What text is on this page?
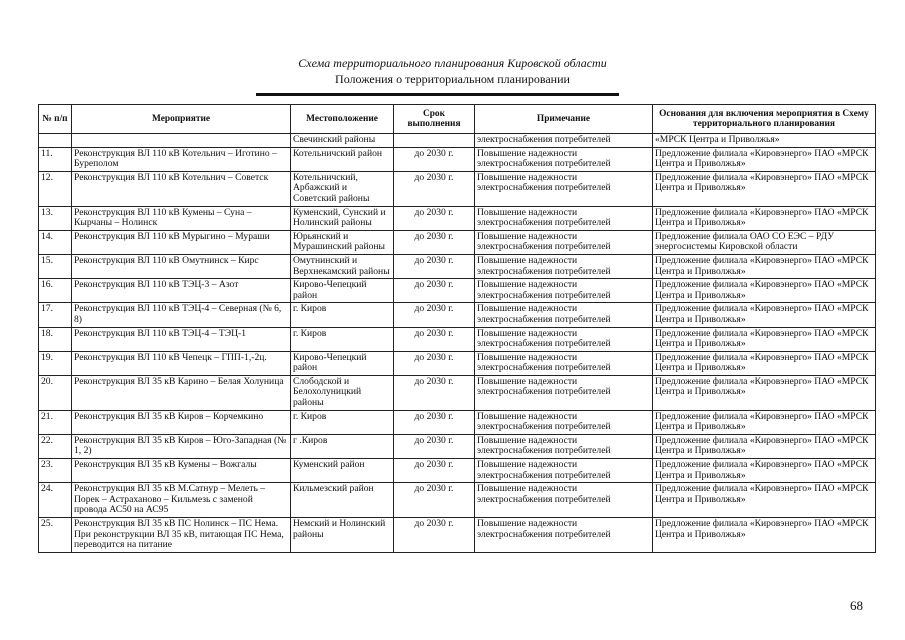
Схема территориального планирования Кировской области
Положения о территориальном планировании
№ п/п	Мероприятие	Местоположение	Срок выполнения	Примечание	Основания для включения мероприятия в Схему территориального планирования
		Свечинский районы		электроснабжения потребителей	«МРСК Центра и Приволжья»
11.	Реконструкция ВЛ 110 кВ Котельнич – Иготино – Буреполом	Котельничский район	до 2030 г.	Повышение надежности электроснабжения потребителей	Предложение филиала «Кировэнерго» ПАО «МРСК Центра и Приволжья»
12.	Реконструкция ВЛ 110 кВ Котельнич – Советск	Котельничский, Арбажский и Советский районы	до 2030 г.	Повышение надежности электроснабжения потребителей	Предложение филиала «Кировэнерго» ПАО «МРСК Центра и Приволжья»
13.	Реконструкция ВЛ 110 кВ Кумены – Суна – Кырчаны – Нолинск	Куменский, Сунский и Нолинский районы	до 2030 г.	Повышение надежности электроснабжения потребителей	Предложение филиала «Кировэнерго» ПАО «МРСК Центра и Приволжья»
14.	Реконструкция ВЛ 110 кВ Мурыгино – Мураши	Юрьянский и Мурашинский районы	до 2030 г.	Повышение надежности электроснабжения потребителей	Предложение филиала ОАО СО ЕЭС – РДУ энергосистемы Кировской области
15.	Реконструкция ВЛ 110 кВ Омутнинск – Кирс	Омутнинский и Верхнекамский районы	до 2030 г.	Повышение надежности электроснабжения потребителей	Предложение филиала «Кировэнерго» ПАО «МРСК Центра и Приволжья»
16.	Реконструкция ВЛ 110 кВ ТЭЦ-3 – Азот	Кирово-Чепецкий район	до 2030 г.	Повышение надежности электроснабжения потребителей	Предложение филиала «Кировэнерго» ПАО «МРСК Центра и Приволжья»
17.	Реконструкция ВЛ 110 кВ ТЭЦ-4 – Северная (№ 6, 8)	г. Киров	до 2030 г.	Повышение надежности электроснабжения потребителей	Предложение филиала «Кировэнерго» ПАО «МРСК Центра и Приволжья»
18.	Реконструкция ВЛ 110 кВ ТЭЦ-4 – ТЭЦ-1	г. Киров	до 2030 г.	Повышение надежности электроснабжения потребителей	Предложение филиала «Кировэнерго» ПАО «МРСК Центра и Приволжья»
19.	Реконструкция ВЛ 110 кВ Чепецк – ГПП-1,-2ц.	Кирово-Чепецкий район	до 2030 г.	Повышение надежности электроснабжения потребителей	Предложение филиала «Кировэнерго» ПАО «МРСК Центра и Приволжья»
20.	Реконструкция ВЛ 35 кВ Карино – Белая Холуница	Слободской и Белохолуницкий районы	до 2030 г.	Повышение надежности электроснабжения потребителей	Предложение филиала «Кировэнерго» ПАО «МРСК Центра и Приволжья»
21.	Реконструкция ВЛ 35 кВ Киров – Корчемкино	г. Киров	до 2030 г.	Повышение надежности электроснабжения потребителей	Предложение филиала «Кировэнерго» ПАО «МРСК Центра и Приволжья»
22.	Реконструкция ВЛ 35 кВ Киров – Юго-Западная (№ 1, 2)	г .Киров	до 2030 г.	Повышение надежности электроснабжения потребителей	Предложение филиала «Кировэнерго» ПАО «МРСК Центра и Приволжья»
23.	Реконструкция ВЛ 35 кВ Кумены – Вожгалы	Куменский район	до 2030 г.	Повышение надежности электроснабжения потребителей	Предложение филиала «Кировэнерго» ПАО «МРСК Центра и Приволжья»
24.	Реконструкция ВЛ 35 кВ М.Сатнур – Мелеть – Порек – Астраханово – Кильмезь с заменой провода АС50 на АС95	Кильмезский район	до 2030 г.	Повышение надежности электроснабжения потребителей	Предложение филиала «Кировэнерго» ПАО «МРСК Центра и Приволжья»
25.	Реконструкция ВЛ 35 кВ ПС Нолинск – ПС Нема. При реконструкции ВЛ 35 кВ, питающая ПС Нема, переводится на питание	Немский и Нолинский районы	до 2030 г.	Повышение надежности электроснабжения потребителей	Предложение филиала «Кировэнерго» ПАО «МРСК Центра и Приволжья»
68
